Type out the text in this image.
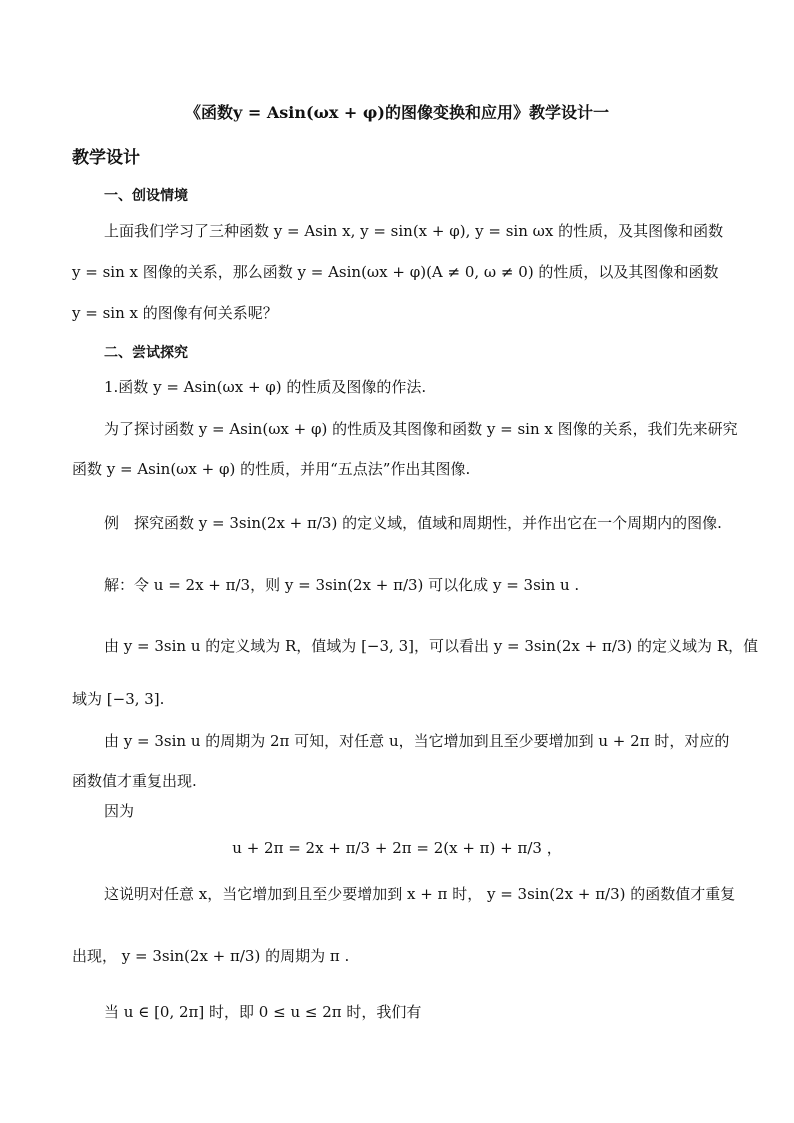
《函数y = Asin(ωx + φ)的图像变换和应用》教学设计一
教学设计
一、创设情境
上面我们学习了三种函数 y = Asin x, y = sin(x + φ), y = sin ωx 的性质，及其图像和函数
y = sin x 图像的关系，那么函数 y = Asin(ωx + φ)(A ≠ 0, ω ≠ 0) 的性质，以及其图像和函数
y = sin x 的图像有何关系呢？
二、尝试探究
1.函数 y = Asin(ωx + φ) 的性质及图像的作法.
为了探讨函数 y = Asin(ωx + φ) 的性质及其图像和函数 y = sin x 图像的关系，我们先来研究
函数 y = Asin(ωx + φ) 的性质，并用“五点法”作出其图像.
例　探究函数 y = 3sin(2x + π/3) 的定义域，值域和周期性，并作出它在一个周期内的图像.
解：令 u = 2x + π/3，则 y = 3sin(2x + π/3) 可以化成 y = 3sin u .
由 y = 3sin u 的定义域为 R，值域为 [−3, 3]，可以看出 y = 3sin(2x + π/3) 的定义域为 R，值
域为 [−3, 3].
由 y = 3sin u 的周期为 2π 可知，对任意 u，当它增加到且至少要增加到 u + 2π 时，对应的
函数值才重复出现.
因为
u + 2π = 2x + π/3 + 2π = 2(x + π) + π/3 ，
这说明对任意 x，当它增加到且至少要增加到 x + π 时， y = 3sin(2x + π/3) 的函数值才重复
出现， y = 3sin(2x + π/3) 的周期为 π .
当 u ∈ [0, 2π] 时，即 0 ≤ u ≤ 2π 时，我们有
